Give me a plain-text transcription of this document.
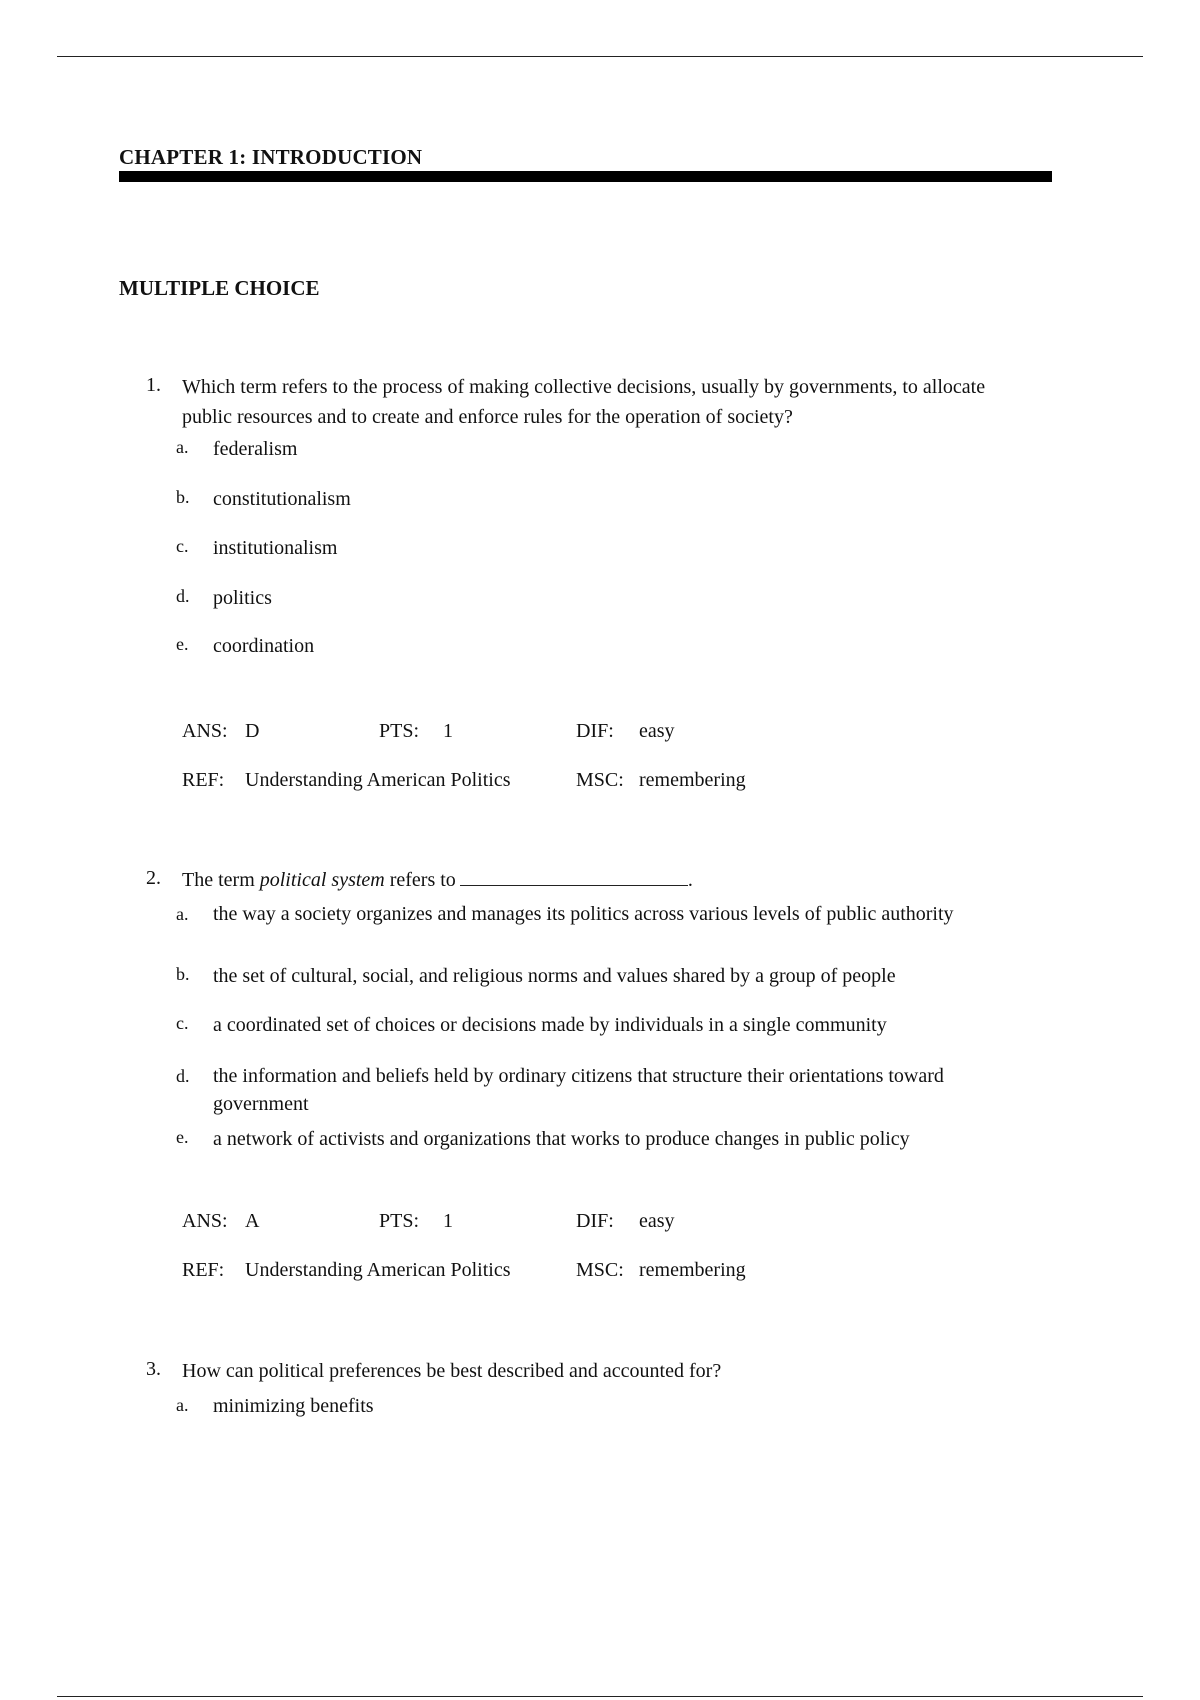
CHAPTER 1: INTRODUCTION
MULTIPLE CHOICE
1. Which term refers to the process of making collective decisions, usually by governments, to allocate public resources and to create and enforce rules for the operation of society?
a. federalism
b. constitutionalism
c. institutionalism
d. politics
e. coordination
ANS: D	PTS: 1	DIF: easy
REF: Understanding American Politics	MSC: remembering
2. The term political system refers to	.
a. the way a society organizes and manages its politics across various levels of public authority
b. the set of cultural, social, and religious norms and values shared by a group of people
c. a coordinated set of choices or decisions made by individuals in a single community
d. the information and beliefs held by ordinary citizens that structure their orientations toward government
e. a network of activists and organizations that works to produce changes in public policy
ANS: A	PTS: 1	DIF: easy
REF: Understanding American Politics	MSC: remembering
3. How can political preferences be best described and accounted for?
a. minimizing benefits
